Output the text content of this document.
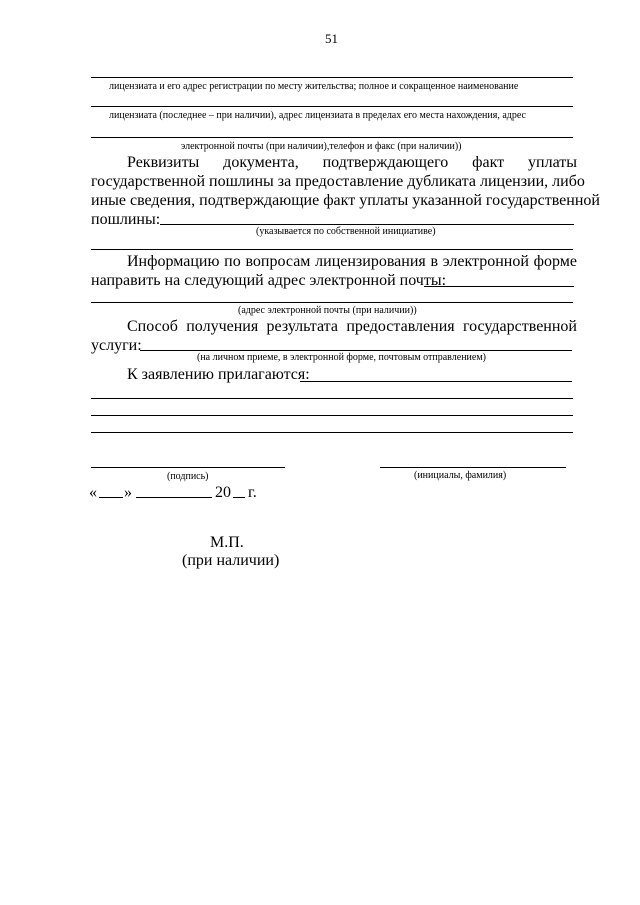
51
лицензиата и его адрес регистрации по месту жительства; полное и сокращенное наименование
лицензиата (последнее – при наличии), адрес лицензиата в пределах его места нахождения, адрес
электронной почты (при наличии),телефон и факс (при наличии))
Реквизиты документа, подтверждающего факт уплаты
государственной пошлины за предоставление дубликата лицензии, либо
иные сведения, подтверждающие факт уплаты указанной государственной
пошлины:
(указывается по собственной инициативе)
Информацию по вопросам лицензирования в электронной форме
направить на следующий адрес электронной почты:
(адрес электронной почты (при наличии))
Способ получения результата предоставления государственной
услуги:
(на личном приеме, в электронной форме, почтовым отправлением)
К заявлению прилагаются:
(подпись)	(инициалы, фамилия)
« »	20 г.
М.П.
(при наличии)
